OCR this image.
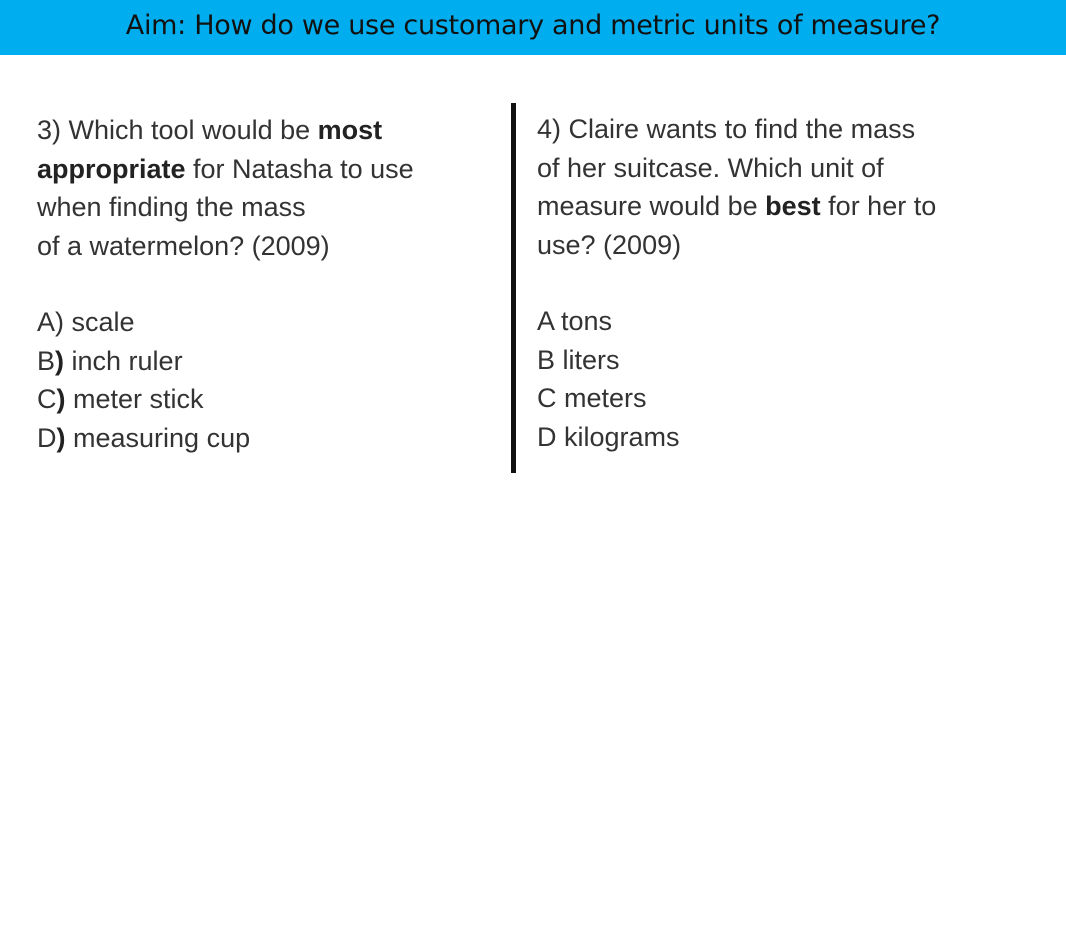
Aim: How do we use customary and metric units of measure?
3) Which tool would be most
appropriate for Natasha to use
when finding the mass
of a watermelon? (2009)
A) scale
B) inch ruler
C) meter stick
D) measuring cup
4) Claire wants to find the mass
of her suitcase. Which unit of
measure would be best for her to
use? (2009)
A tons
B liters
C meters
D kilograms
